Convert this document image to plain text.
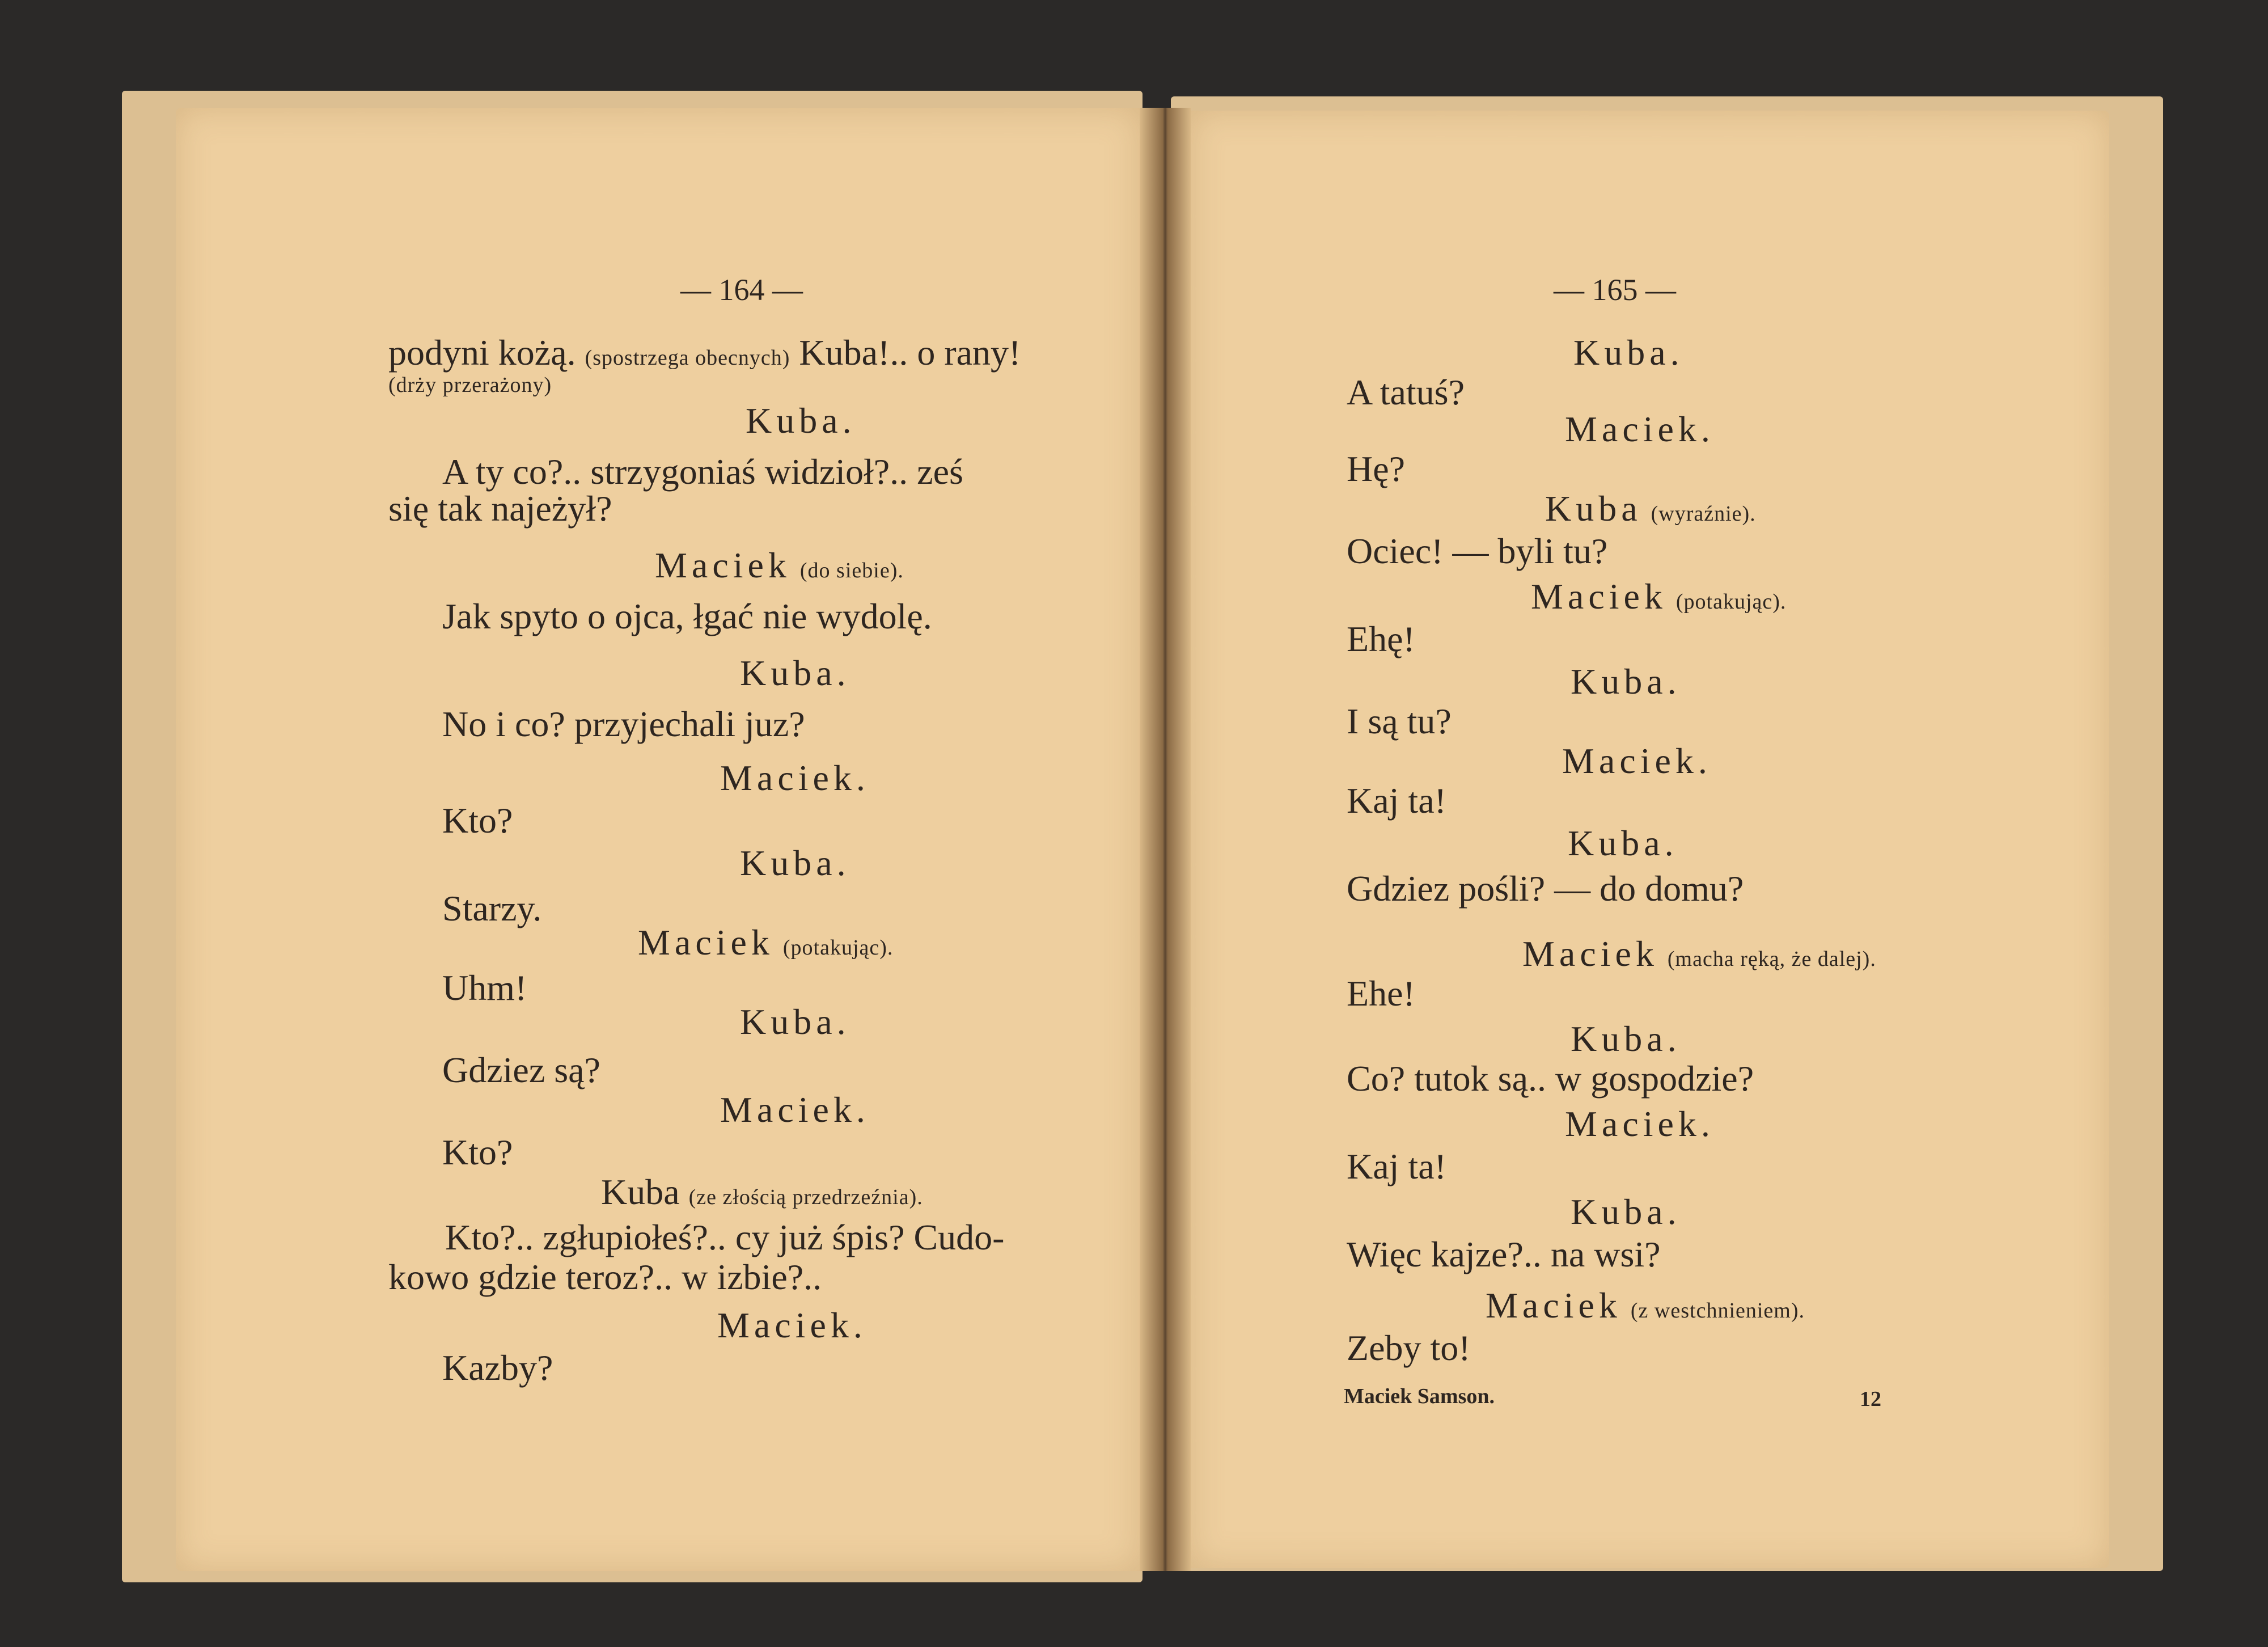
— 164 —
podyni kożą. (spostrzega obecnych) Kuba!.. o rany!
(drży przerażony)
Kuba.
A ty co?.. strzygoniaś widzioł?.. ześ
się tak najeżył?
Maciek (do siebie).
Jak spyto o ojca, łgać nie wydolę.
Kuba.
No i co? przyjechali juz?
Maciek.
Kto?
Kuba.
Starzy.
Maciek (potakując).
Uhm!
Kuba.
Gdziez są?
Maciek.
Kto?
Kuba (ze złością przedrzeźnia).
Kto?.. zgłupiołeś?.. cy już śpis? Cudo-
kowo gdzie teroz?.. w izbie?..
Maciek.
Kazby?
— 165 —
Kuba.
A tatuś?
Maciek.
Hę?
Kuba (wyraźnie).
Ociec! — byli tu?
Maciek (potakując).
Ehę!
Kuba.
I są tu?
Maciek.
Kaj ta!
Kuba.
Gdziez pośli? — do domu?
Maciek (macha ręką, że dalej).
Ehe!
Kuba.
Co? tutok są.. w gospodzie?
Maciek.
Kaj ta!
Kuba.
Więc kajze?.. na wsi?
Maciek (z westchnieniem).
Zeby to!
Maciek Samson.	12
